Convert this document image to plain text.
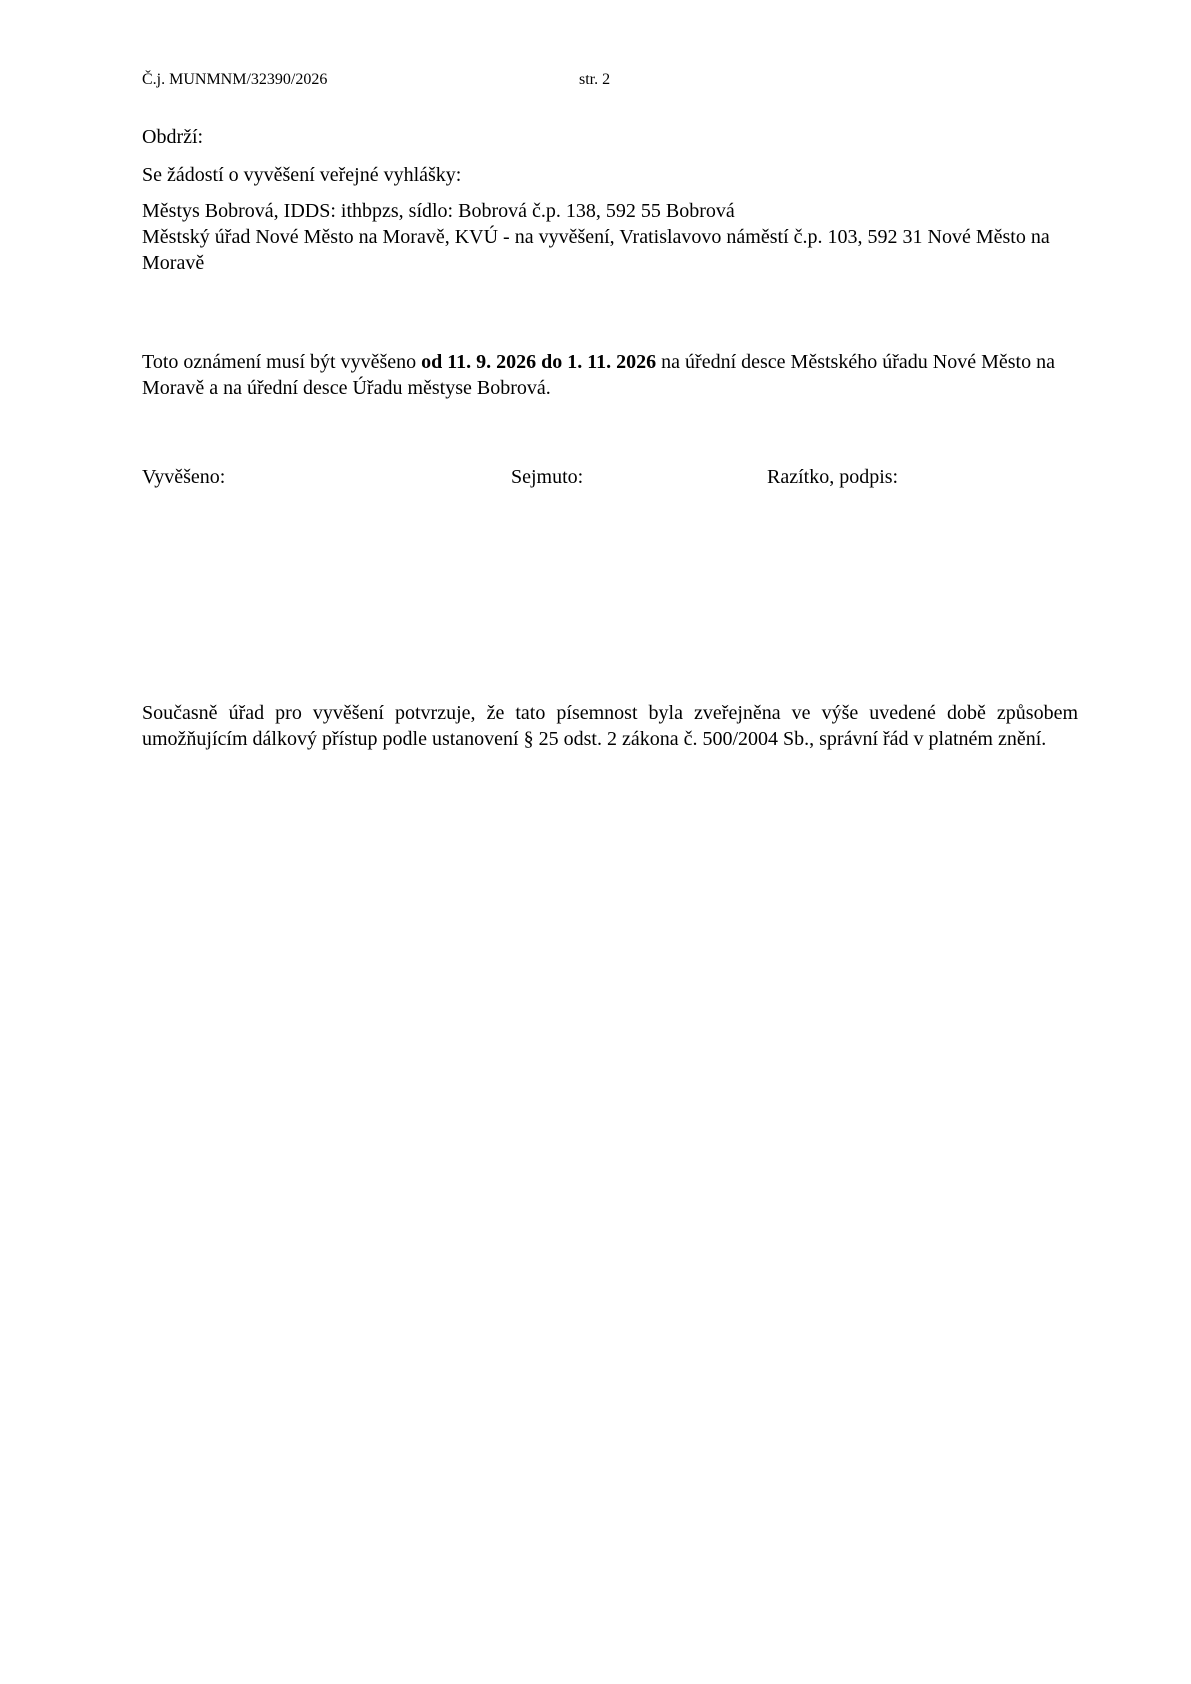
Č.j. MUNMNM/32390/2026	str. 2
Obdrží:
Se žádostí o vyvěšení veřejné vyhlášky:
Městys Bobrová, IDDS: ithbpzs, sídlo: Bobrová č.p. 138, 592 55 Bobrová
Městský úřad Nové Město na Moravě, KVÚ - na vyvěšení, Vratislavovo náměstí č.p. 103, 592 31 Nové Město na Moravě
Toto oznámení musí být vyvěšeno od 11. 9. 2026 do 1. 11. 2026 na úřední desce Městského úřadu Nové Město na Moravě a na úřední desce Úřadu městyse Bobrová.
Vyvěšeno:	Sejmuto:	Razítko, podpis:
Současně úřad pro vyvěšení potvrzuje, že tato písemnost byla zveřejněna ve výše uvedené době způsobem umožňujícím dálkový přístup podle ustanovení § 25 odst. 2 zákona č. 500/2004 Sb., správní řád v platném znění.
